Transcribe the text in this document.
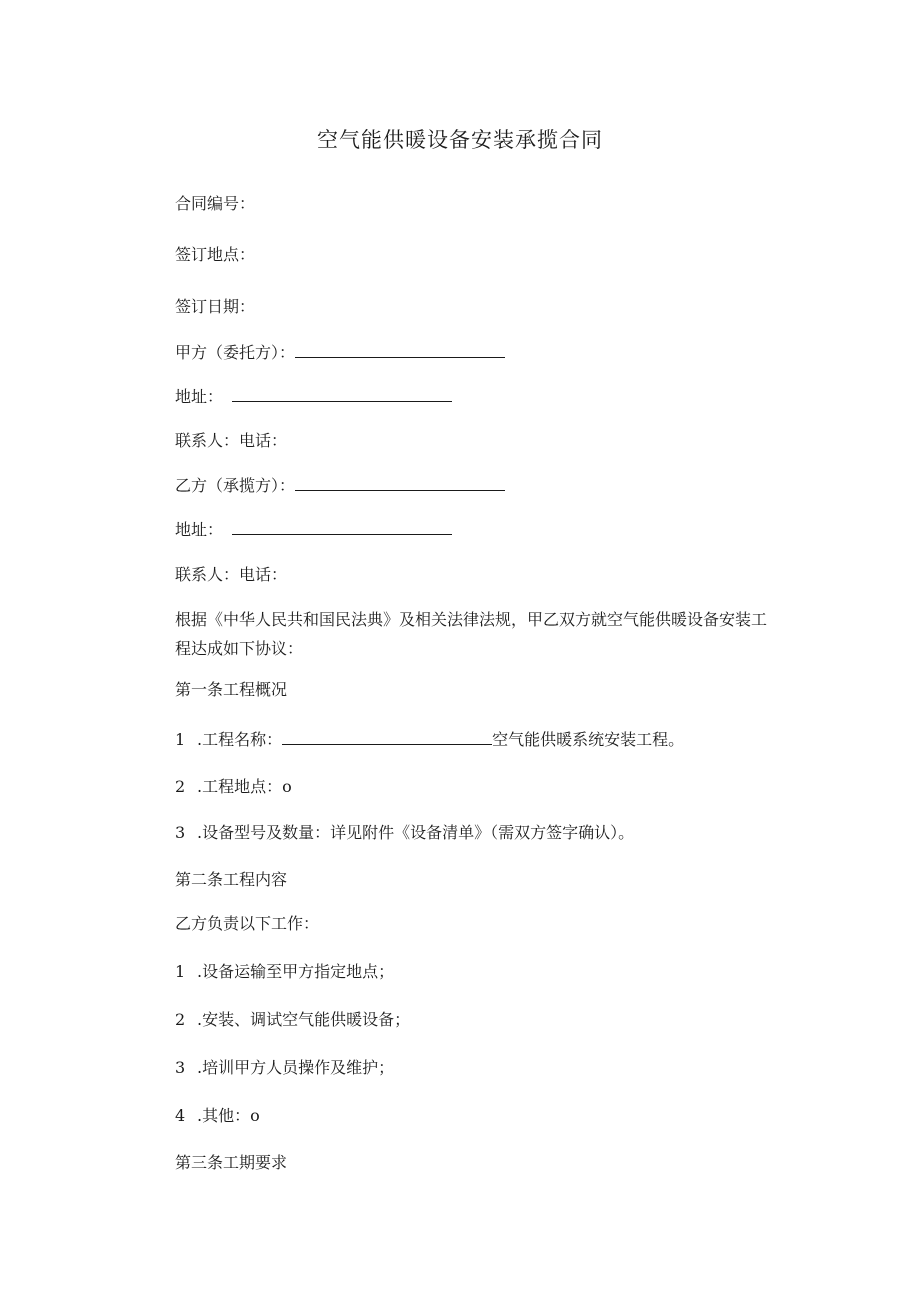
空气能供暖设备安装承揽合同
合同编号：
签订地点：
签订日期：
甲方（委托方）：
地址：
联系人：电话：
乙方（承揽方）：
地址：
联系人：电话：
根据《中华人民共和国民法典》及相关法律法规，甲乙双方就空气能供暖设备安装工程达成如下协议：
第一条工程概况
1 .工程名称：	空气能供暖系统安装工程。
2 .工程地点：o
3 .设备型号及数量：详见附件《设备清单》（需双方签字确认）。
第二条工程内容
乙方负责以下工作：
1 .设备运输至甲方指定地点；
2 .安装、调试空气能供暖设备；
3 .培训甲方人员操作及维护；
4 .其他：o
第三条工期要求
